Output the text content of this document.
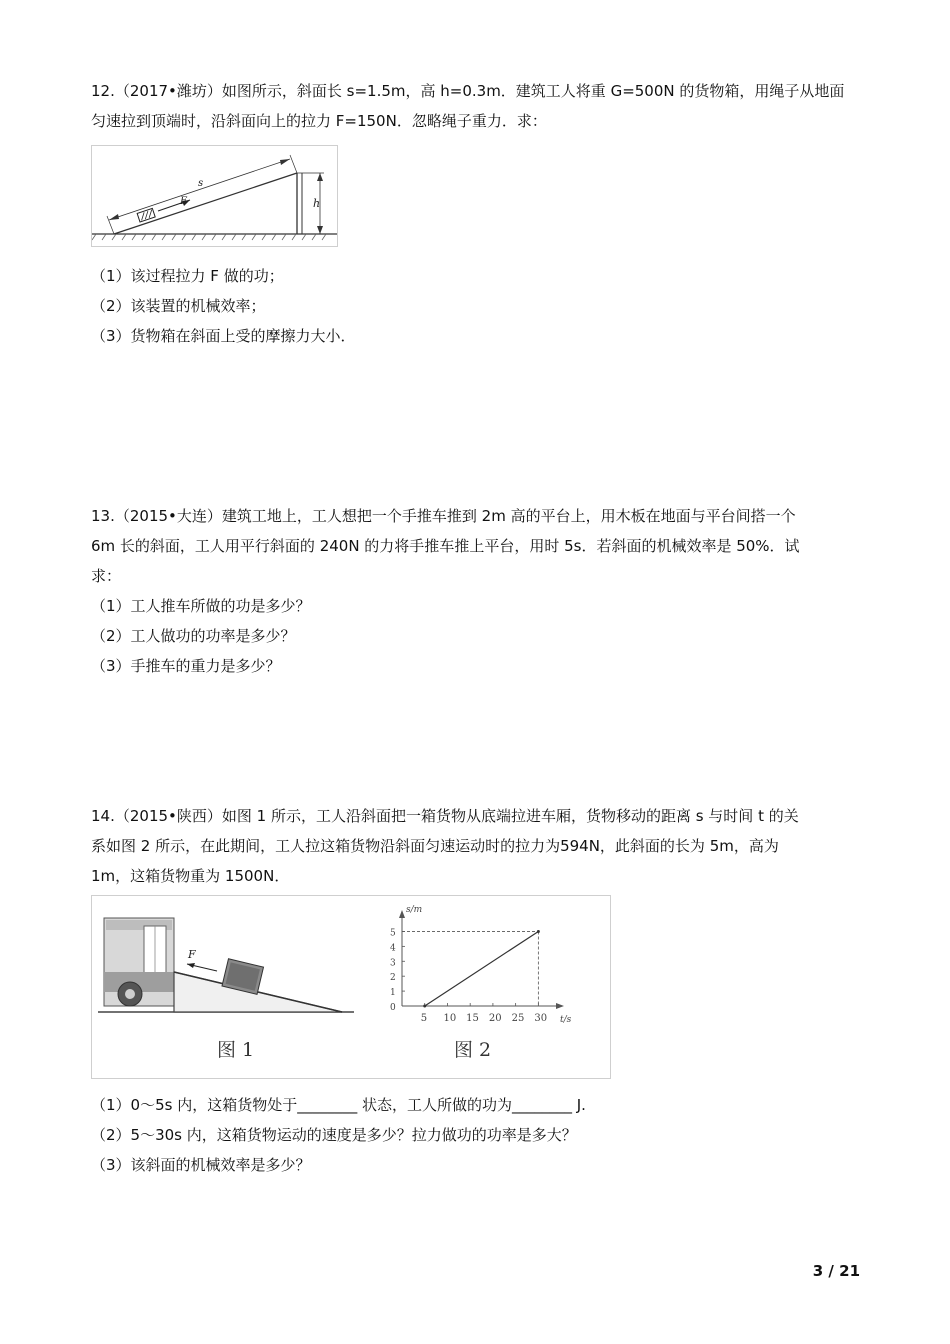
12.（2017•潍坊）如图所示，斜面长 s=1.5m，高 h=0.3m．建筑工人将重 G=500N 的货物箱，用绳子从地面
匀速拉到顶端时，沿斜面向上的拉力 F=150N．忽略绳子重力．求：
s
h
F
（1）该过程拉力 F 做的功；
（2）该装置的机械效率；
（3）货物箱在斜面上受的摩擦力大小．
13.（2015•大连）建筑工地上，工人想把一个手推车推到 2m 高的平台上，用木板在地面与平台间搭一个
6m 长的斜面，工人用平行斜面的 240N 的力将手推车推上平台，用时 5s．若斜面的机械效率是 50%．试
求：
（1）工人推车所做的功是多少？
（2）工人做功的功率是多少？
（3）手推车的重力是多少？
14.（2015•陕西）如图 1 所示，工人沿斜面把一箱货物从底端拉进车厢，货物移动的距离 s 与时间 t 的关
系如图 2 所示，在此期间，工人拉这箱货物沿斜面匀速运动时的拉力为594N，此斜面的长为 5m，高为
1m，这箱货物重为 1500N．
F
图 1	图 2
t/s
s/m
5 10 15 20 25 30
0
1
2
3
4
5
（1）0～5s 内，这箱货物处于________ 状态，工人所做的功为________ J.
（2）5～30s 内，这箱货物运动的速度是多少？拉力做功的功率是多大？
（3）该斜面的机械效率是多少？
3 / 21
